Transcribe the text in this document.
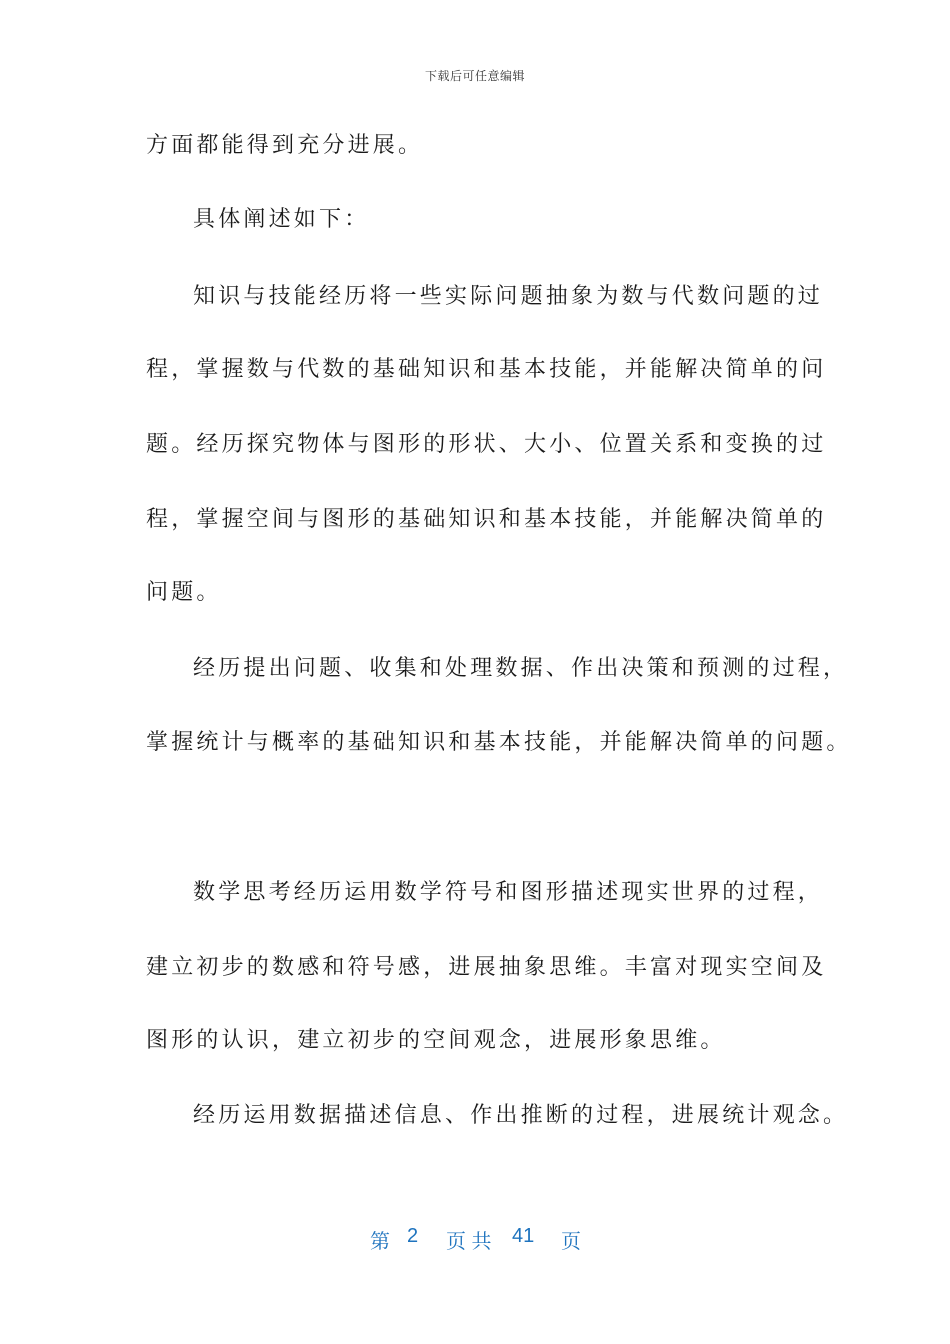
下载后可任意编辑
方面都能得到充分进展。
具体阐述如下：
知识与技能经历将一些实际问题抽象为数与代数问题的过
程，掌握数与代数的基础知识和基本技能，并能解决简单的问
题。经历探究物体与图形的形状、大小、位置关系和变换的过
程，掌握空间与图形的基础知识和基本技能，并能解决简单的
问题。
经历提出问题、收集和处理数据、作出决策和预测的过程，
掌握统计与概率的基础知识和基本技能，并能解决简单的问题。
数学思考经历运用数学符号和图形描述现实世界的过程，
建立初步的数感和符号感，进展抽象思维。丰富对现实空间及
图形的认识，建立初步的空间观念，进展形象思维。
经历运用数据描述信息、作出推断的过程，进展统计观念。
第 2 页 共 41 页
